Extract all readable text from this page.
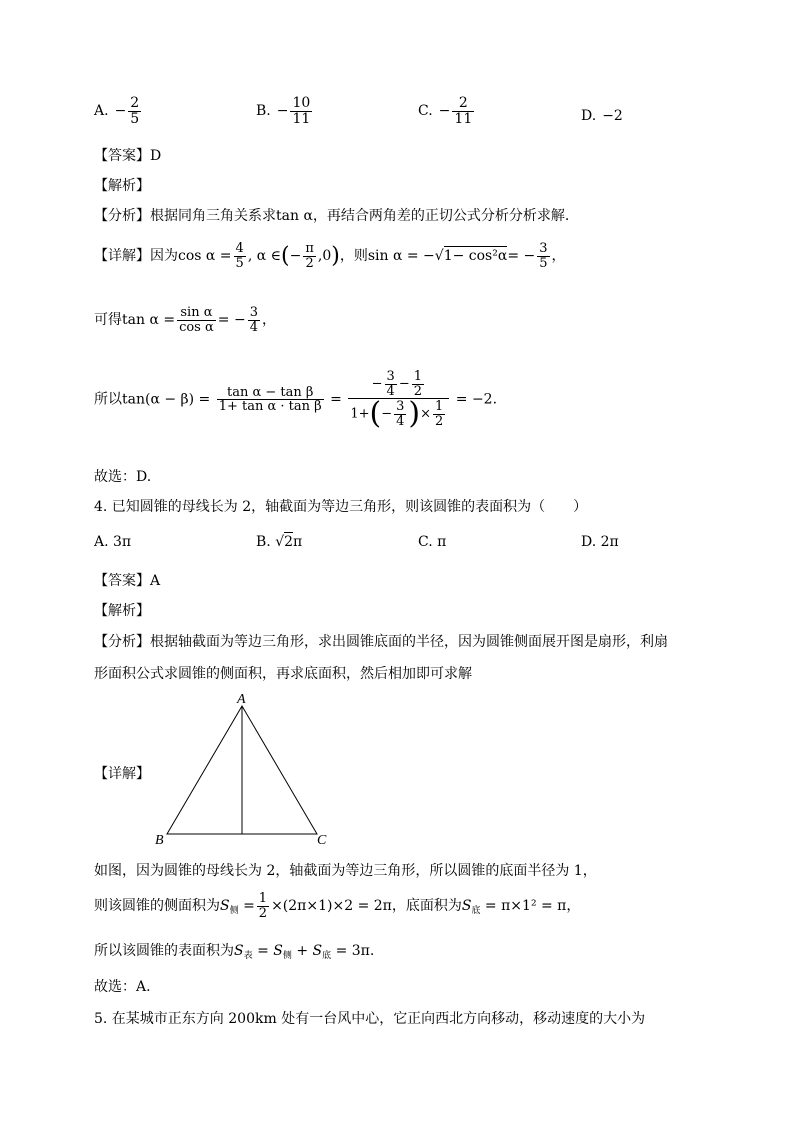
A. − $\frac{2}{5}$	B. − $\frac{10}{11}$	C. − $\frac{2}{11}$	D. −2
【答案】D
【解析】
【分析】根据同角三角关系求tan α，再结合两角差的正切公式分析分析求解.
【详解】因为$\cos \alpha = \frac{4}{5}$ , α ∈(− $\frac{\pi}{2} ,0$)，则$\sin \alpha = -√1- \cos^2\alpha= - \frac{3}{5}$ ，
可得$\tan \alpha = \frac{\text{sin α}}{\text{cos α}}$ = − $\frac{3}{4}$ ，
所以$\tan(\alpha - \beta) = \frac{\text{tan α − tan β}}{\text{1+ tan α · tan β}} = \frac{- \frac{3}{4} - \frac{1}{2}}{1+(- \frac{3}{4} )\times \frac{1}{2}} = -2$.
故选：D.
4. 已知圆锥的母线长为 2，轴截面为等边三角形，则该圆锥的表面积为（　　）
A. 3π	B. √2π	C. π	D. 2π
【答案】A
【解析】
【分析】根据轴截面为等边三角形，求出圆锥底面的半径，因为圆锥侧面展开图是扇形，利扇
形面积公式求圆锥的侧面积，再求底面积，然后相加即可求解
A
B	C
【详解】
如图，因为圆锥的母线长为 2，轴截面为等边三角形，所以圆锥的底面半径为 1，
则该圆锥的侧面积为$S_侧 = \frac{1}{2} \times(2\pi\times 1)\times 2 = 2\pi$，底面积为$S_底 = \pi\times 1^2 = \pi$，
所以该圆锥的表面积为$S_表 = S_侧 + S_底 = 3\pi$.
故选：A.
5. 在某城市正东方向 200km 处有一台风中心，它正向西北方向移动，移动速度的大小为
